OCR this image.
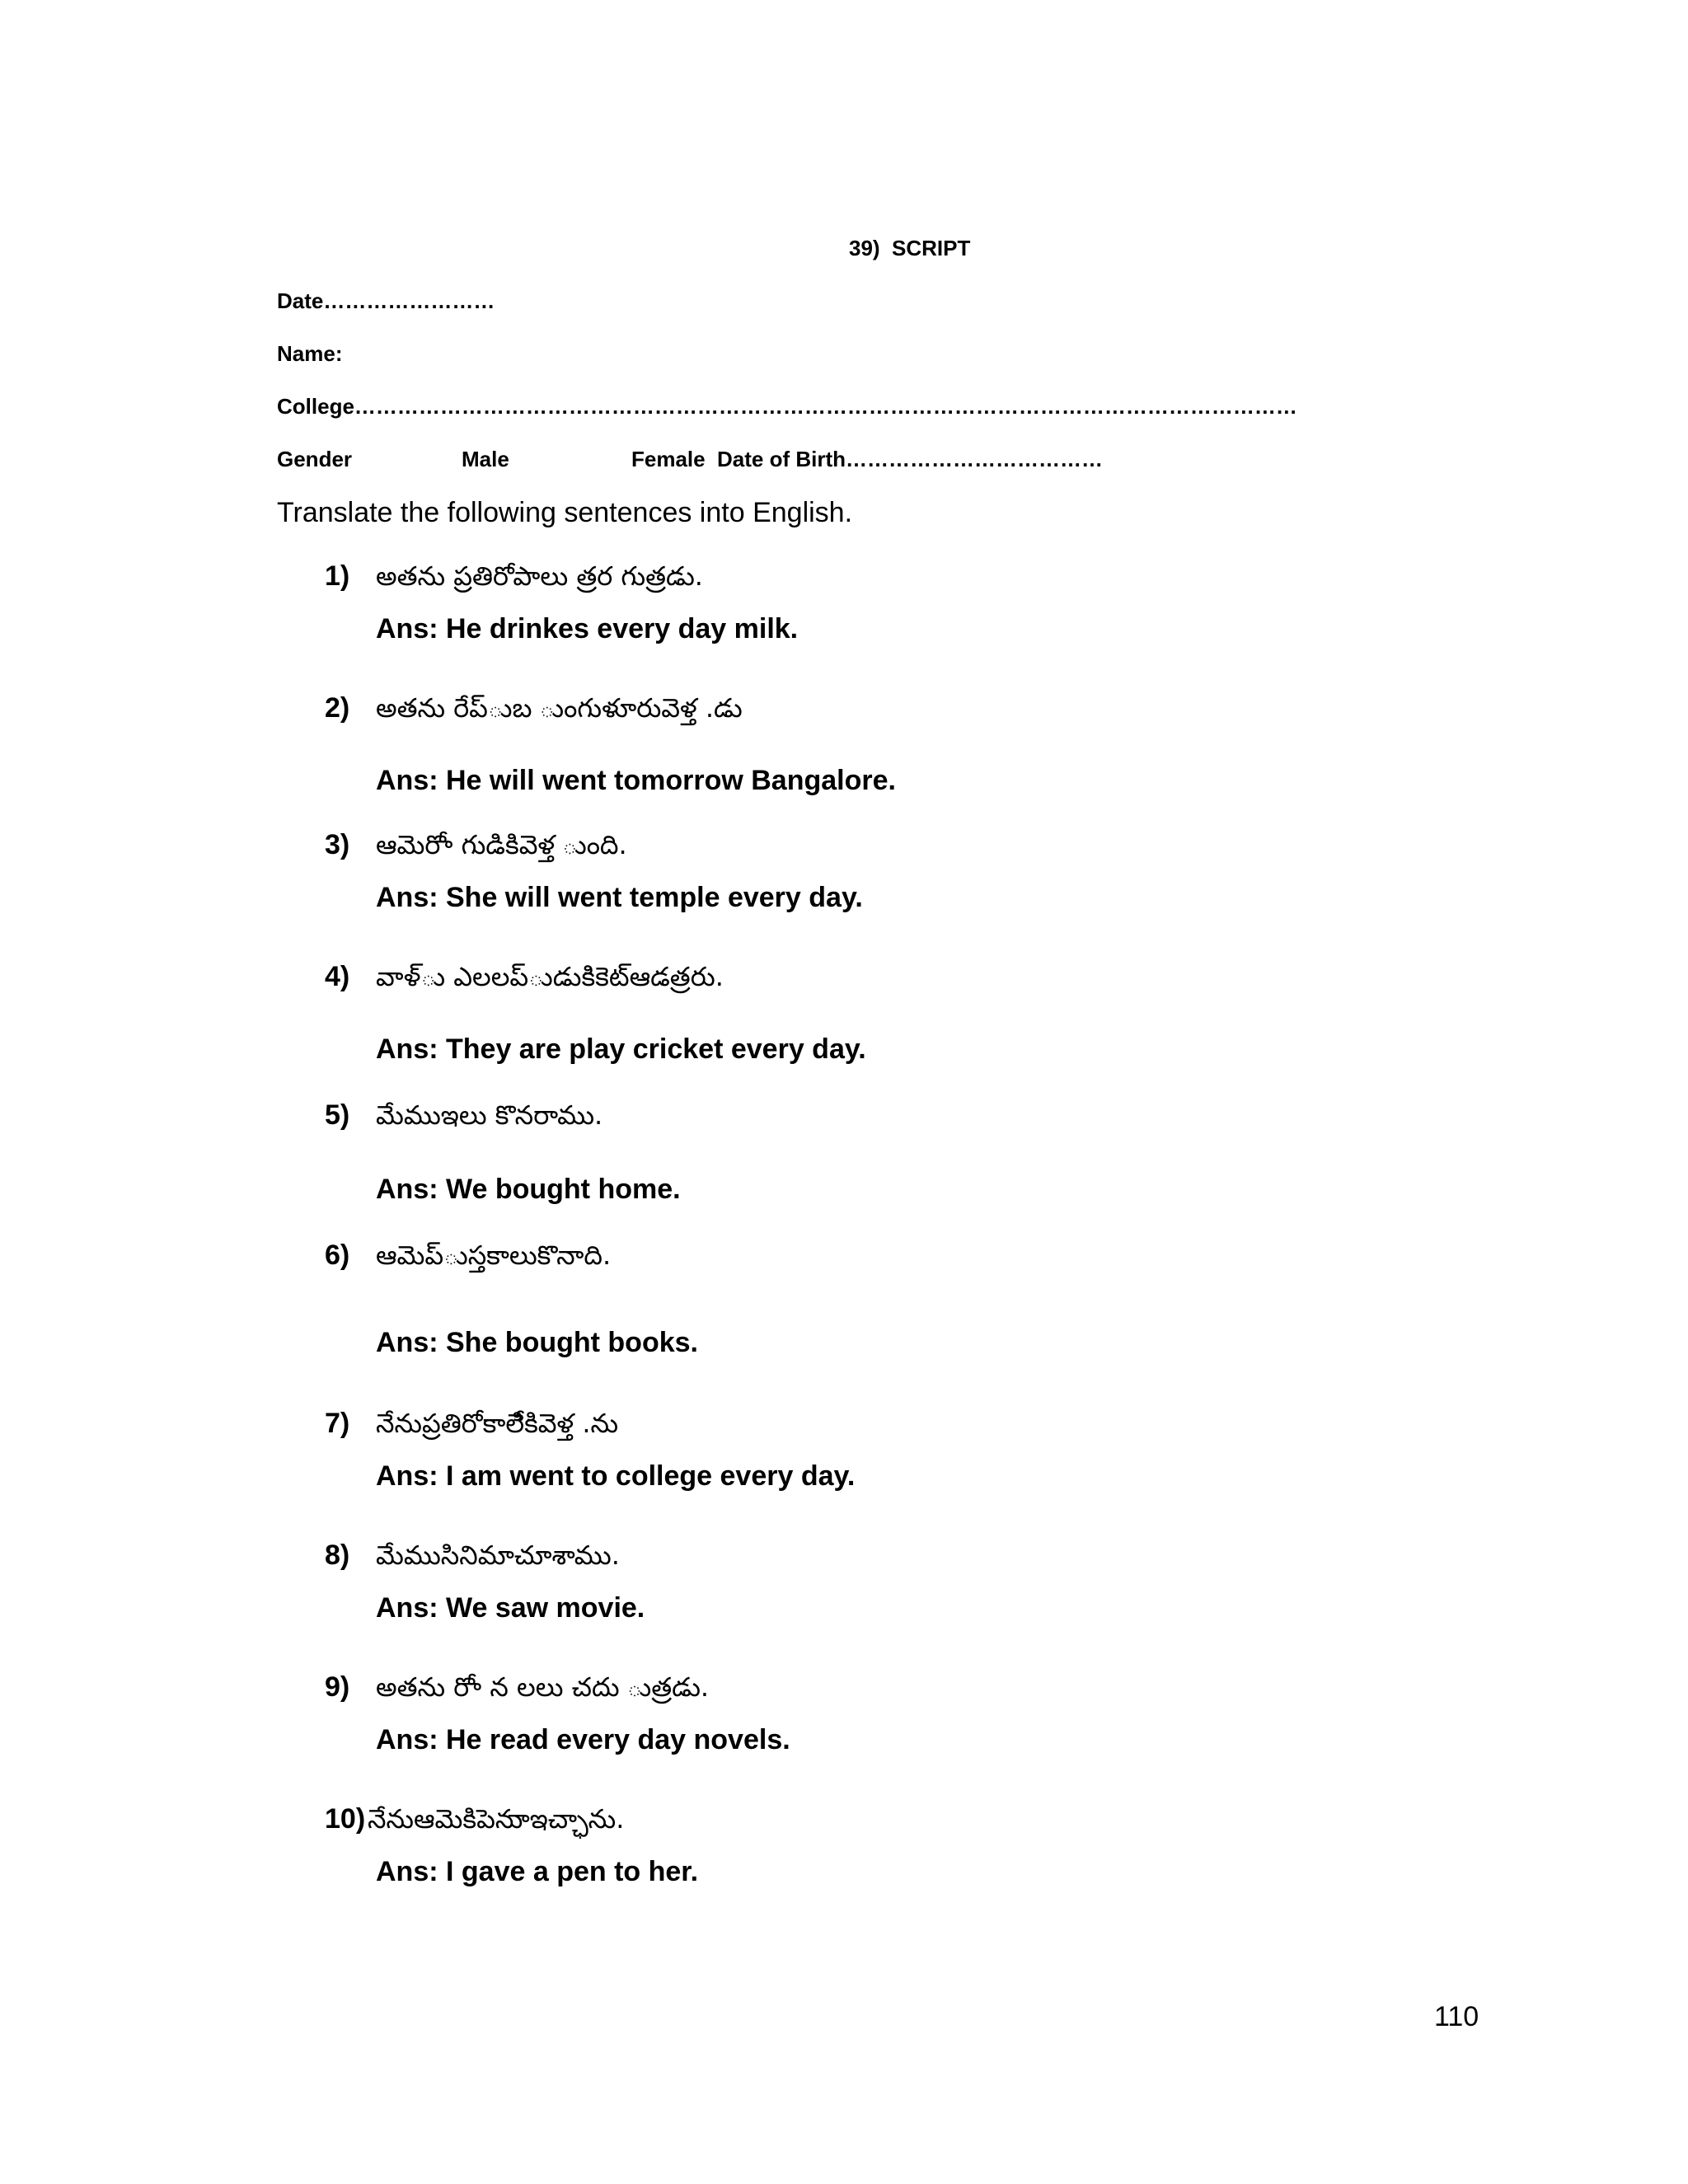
39)  SCRIPT
Date……………………
Name:
College……………………………………………………………………………………………………………………
Gender	Male	Female Date of Birth………………………………
Translate the following sentences into English.
1) అతను ప్రతిరోపాలు త్రర గుత్రడు.
Ans: He drinkes every day milk.
2) అతను రేప్ుబ ుంగుళూరువెళ్త .డు
Ans: He will went tomorrow Bangalore.
3) ఆమెరోా గుడికివెళ్త ుంది.
Ans: She will went temple every day.
4) వాళ్ు ఎలలప్ుడుకిికెట్ఆడత్రరు.
Ans: They are play cricket every day.
5) మేముఇలు కొనరాము.
Ans: We bought home.
6) ఆమెప్ుస్తకాలుకొనాది.
Ans: She bought books.
7) నేనుప్రతిరోకాలేికివెళ్త .ను
Ans: I am went to college every day.
8) మేముసినిమాచూశాము.
Ans: We saw movie.
9) అతను రోా న లలు చదు ుత్రడు.
Ans: He read every day novels.
10) నేనుఆమెకిపెనుాఇచ్ఛాను.
Ans: I gave a pen to her.
110
